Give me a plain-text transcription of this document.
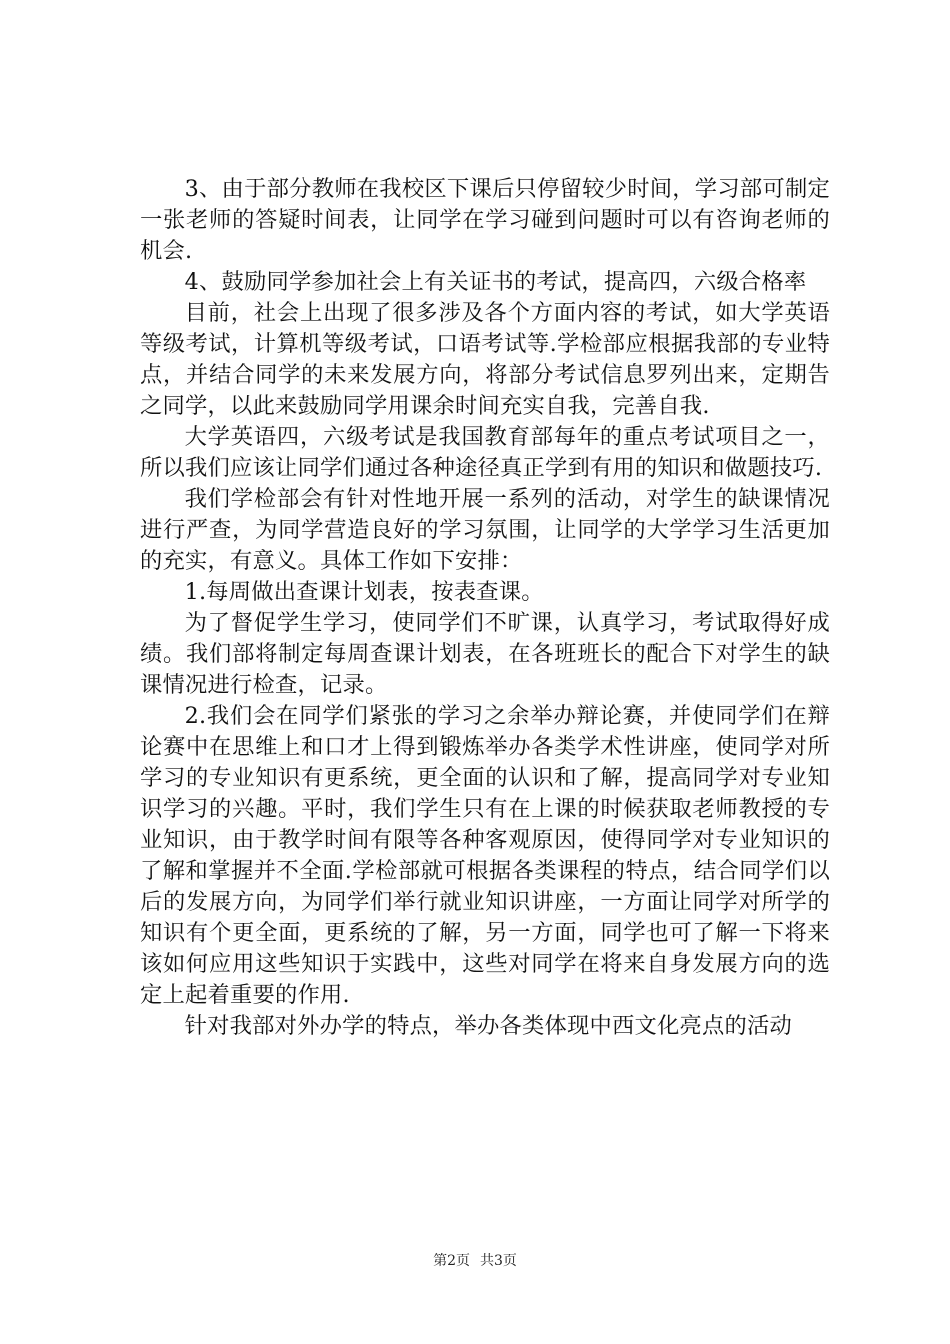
3、由于部分教师在我校区下课后只停留较少时间，学习部可制定一张老师的答疑时间表，让同学在学习碰到问题时可以有咨询老师的机会.

4、鼓励同学参加社会上有关证书的考试，提高四，六级合格率

目前，社会上出现了很多涉及各个方面内容的考试，如大学英语等级考试，计算机等级考试，口语考试等.学检部应根据我部的专业特点，并结合同学的未来发展方向，将部分考试信息罗列出来，定期告之同学，以此来鼓励同学用课余时间充实自我，完善自我.

大学英语四，六级考试是我国教育部每年的重点考试项目之一，所以我们应该让同学们通过各种途径真正学到有用的知识和做题技巧.

我们学检部会有针对性地开展一系列的活动，对学生的缺课情况进行严查，为同学营造良好的学习氛围，让同学的大学学习生活更加的充实，有意义。具体工作如下安排：

1.每周做出查课计划表，按表查课。

为了督促学生学习，使同学们不旷课，认真学习，考试取得好成绩。我们部将制定每周查课计划表，在各班班长的配合下对学生的缺课情况进行检查，记录。

2.我们会在同学们紧张的学习之余举办辩论赛，并使同学们在辩论赛中在思维上和口才上得到锻炼举办各类学术性讲座，使同学对所学习的专业知识有更系统，更全面的认识和了解，提高同学对专业知识学习的兴趣。平时，我们学生只有在上课的时候获取老师教授的专业知识，由于教学时间有限等各种客观原因，使得同学对专业知识的了解和掌握并不全面.学检部就可根据各类课程的特点，结合同学们以后的发展方向，为同学们举行就业知识讲座，一方面让同学对所学的知识有个更全面，更系统的了解，另一方面，同学也可了解一下将来该如何应用这些知识于实践中，这些对同学在将来自身发展方向的选定上起着重要的作用.

针对我部对外办学的特点，举办各类体现中西文化亮点的活动

第2页 共3页
